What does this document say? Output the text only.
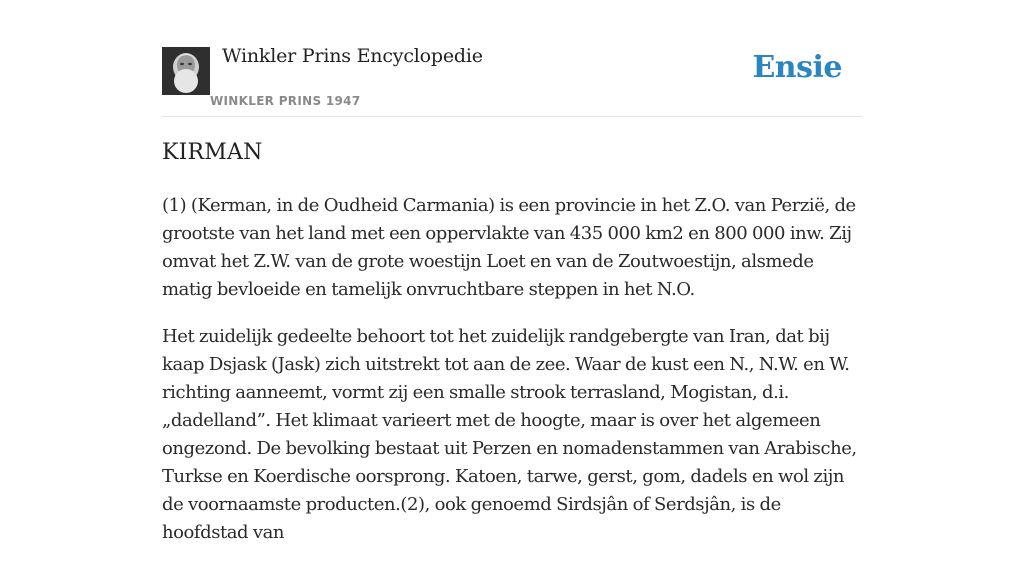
Winkler Prins Encyclopedie
WINKLER PRINS 1947
Ensie
KIRMAN

(1) (Kerman, in de Oudheid Carmania) is een provincie in het Z.O. van Perzië, de grootste van het land met een oppervlakte van 435 000 km2 en 800 000 inw. Zij omvat het Z.W. van de grote woestijn Loet en van de Zoutwoestijn, alsmede matig bevloeide en tamelijk onvruchtbare steppen in het N.O.

Het zuidelijk gedeelte behoort tot het zuidelijk randgebergte van Iran, dat bij kaap Dsjask (Jask) zich uitstrekt tot aan de zee. Waar de kust een N., N.W. en W. richting aanneemt, vormt zij een smalle strook terrasland, Mogistan, d.i. „dadelland”. Het klimaat varieert met de hoogte, maar is over het algemeen ongezond. De bevolking bestaat uit Perzen en nomadenstammen van Arabische, Turkse en Koerdische oorsprong. Katoen, tarwe, gerst, gom, dadels en wol zijn de voornaamste producten.(2), ook genoemd Sirdsjân of Serdsjân, is de hoofdstad van
